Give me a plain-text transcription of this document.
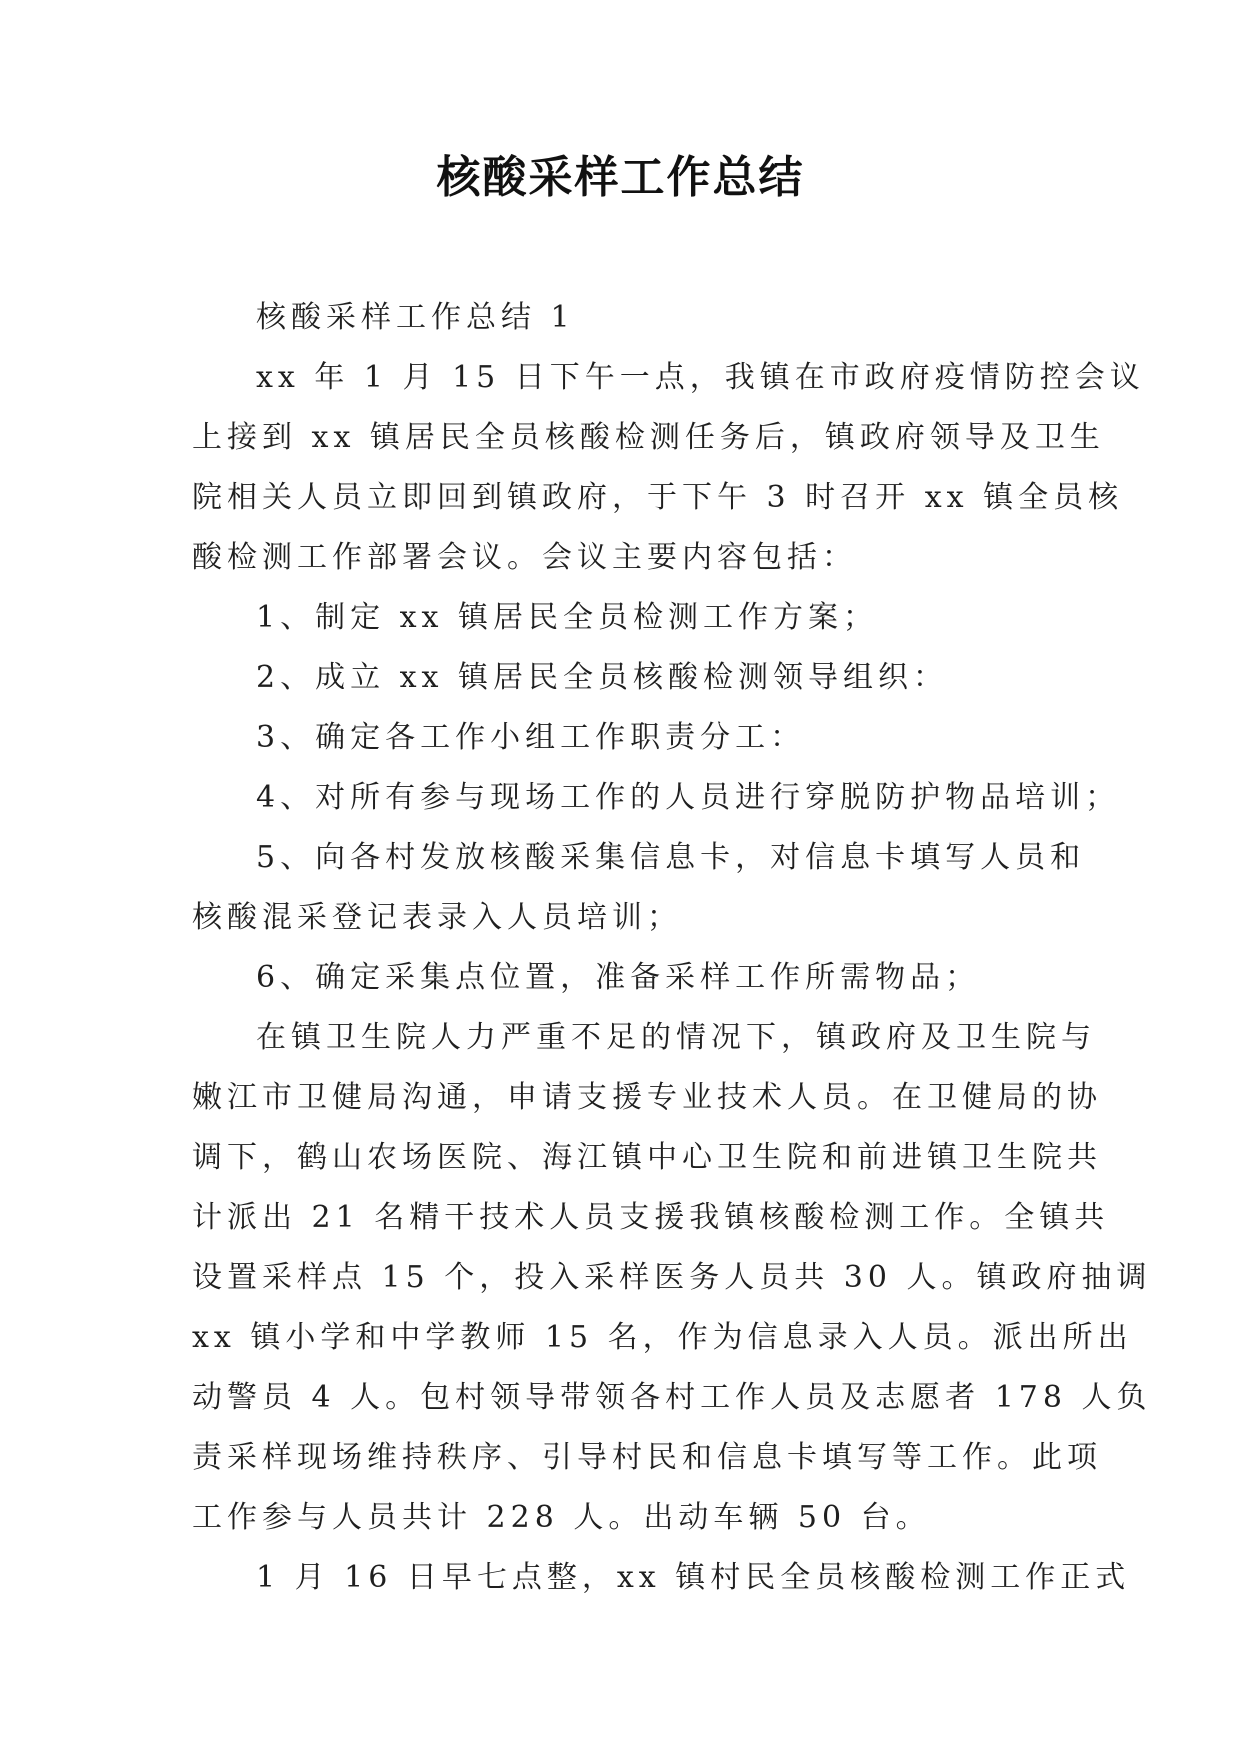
核酸采样工作总结
核酸采样工作总结 1
xx 年 1 月 15 日下午一点，我镇在市政府疫情防控会议
上接到 xx 镇居民全员核酸检测任务后，镇政府领导及卫生
院相关人员立即回到镇政府，于下午 3 时召开 xx 镇全员核
酸检测工作部署会议。会议主要内容包括：
1、制定 xx 镇居民全员检测工作方案；
2、成立 xx 镇居民全员核酸检测领导组织：
3、确定各工作小组工作职责分工：
4、对所有参与现场工作的人员进行穿脱防护物品培训；
5、向各村发放核酸采集信息卡，对信息卡填写人员和
核酸混采登记表录入人员培训；
6、确定采集点位置，准备采样工作所需物品；
在镇卫生院人力严重不足的情况下，镇政府及卫生院与
嫩江市卫健局沟通，申请支援专业技术人员。在卫健局的协
调下，鹤山农场医院、海江镇中心卫生院和前进镇卫生院共
计派出 21 名精干技术人员支援我镇核酸检测工作。全镇共
设置采样点 15 个，投入采样医务人员共 30 人。镇政府抽调
xx 镇小学和中学教师 15 名，作为信息录入人员。派出所出
动警员 4 人。包村领导带领各村工作人员及志愿者 178 人负
责采样现场维持秩序、引导村民和信息卡填写等工作。此项
工作参与人员共计 228 人。出动车辆 50 台。
1 月 16 日早七点整，xx 镇村民全员核酸检测工作正式
